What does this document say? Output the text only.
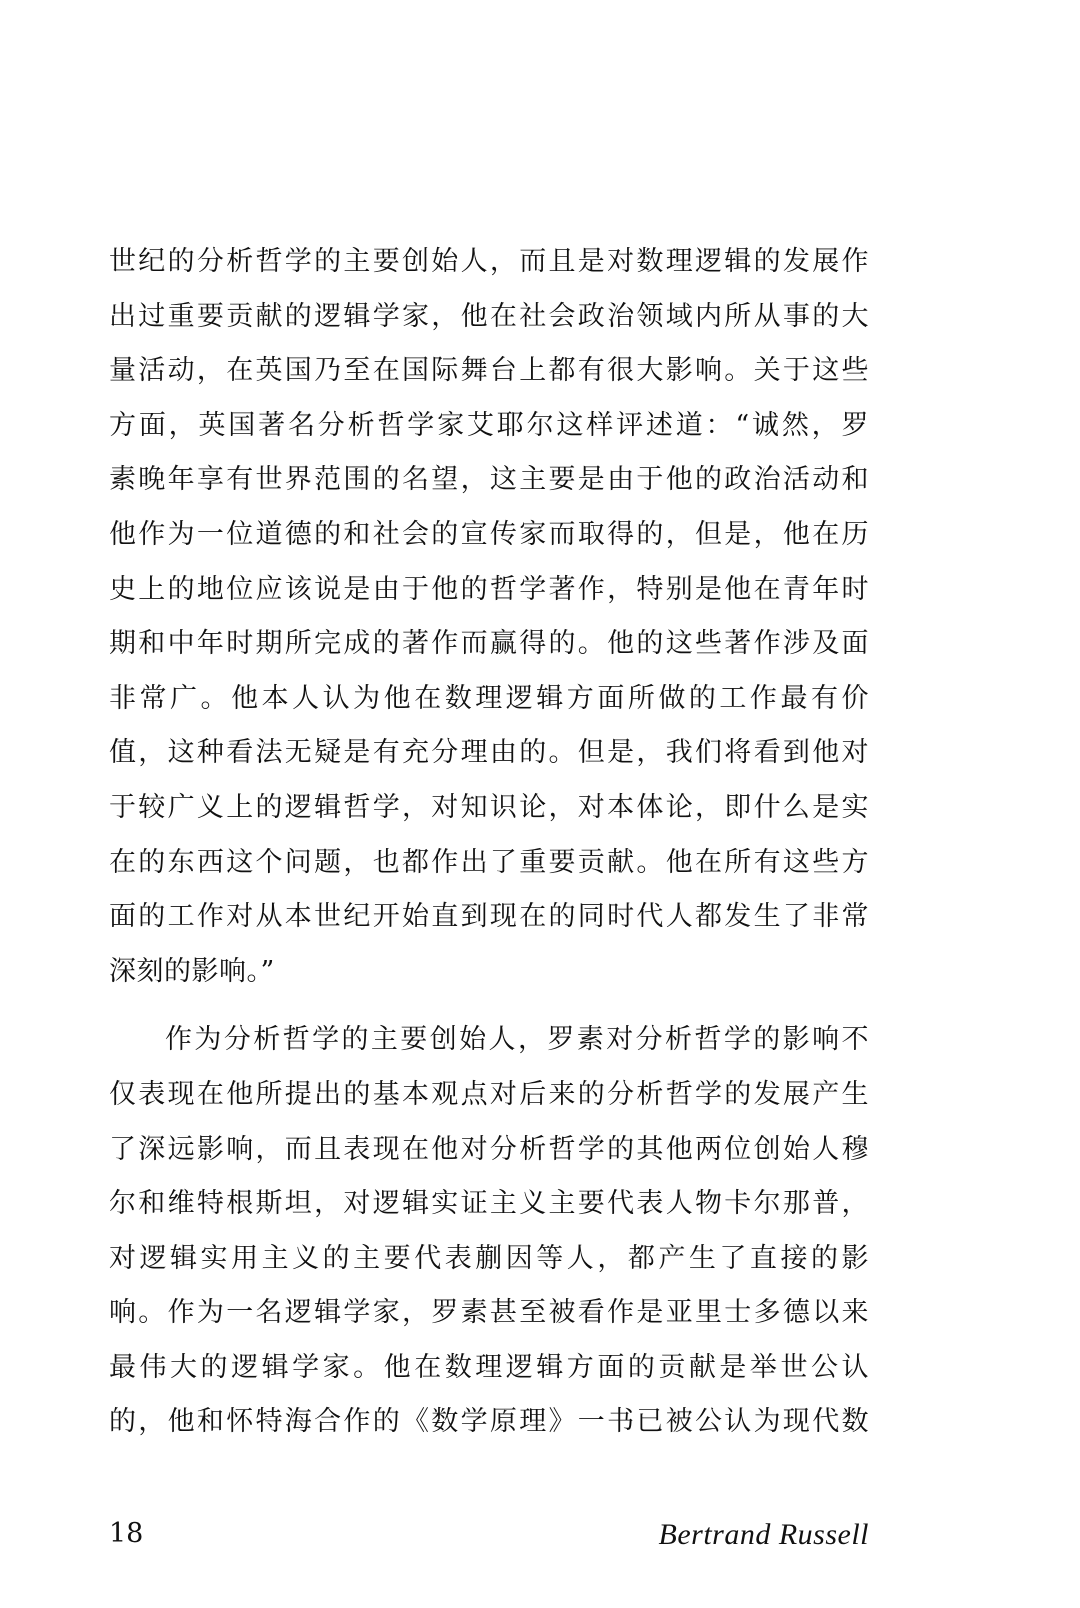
世纪的分析哲学的主要创始人，而且是对数理逻辑的发展作
出过重要贡献的逻辑学家，他在社会政治领域内所从事的大
量活动，在英国乃至在国际舞台上都有很大影响。关于这些
方面，英国著名分析哲学家艾耶尔这样评述道：“诚然，罗
素晚年享有世界范围的名望，这主要是由于他的政治活动和
他作为一位道德的和社会的宣传家而取得的，但是，他在历
史上的地位应该说是由于他的哲学著作，特别是他在青年时
期和中年时期所完成的著作而赢得的。他的这些著作涉及面
非常广。他本人认为他在数理逻辑方面所做的工作最有价
值，这种看法无疑是有充分理由的。但是，我们将看到他对
于较广义上的逻辑哲学，对知识论，对本体论，即什么是实
在的东西这个问题，也都作出了重要贡献。他在所有这些方
面的工作对从本世纪开始直到现在的同时代人都发生了非常
深刻的影响。”
作为分析哲学的主要创始人，罗素对分析哲学的影响不
仅表现在他所提出的基本观点对后来的分析哲学的发展产生
了深远影响，而且表现在他对分析哲学的其他两位创始人穆
尔和维特根斯坦，对逻辑实证主义主要代表人物卡尔那普，
对逻辑实用主义的主要代表蒯因等人，都产生了直接的影
响。作为一名逻辑学家，罗素甚至被看作是亚里士多德以来
最伟大的逻辑学家。他在数理逻辑方面的贡献是举世公认
的，他和怀特海合作的《数学原理》一书已被公认为现代数
18	Bertrand Russell
